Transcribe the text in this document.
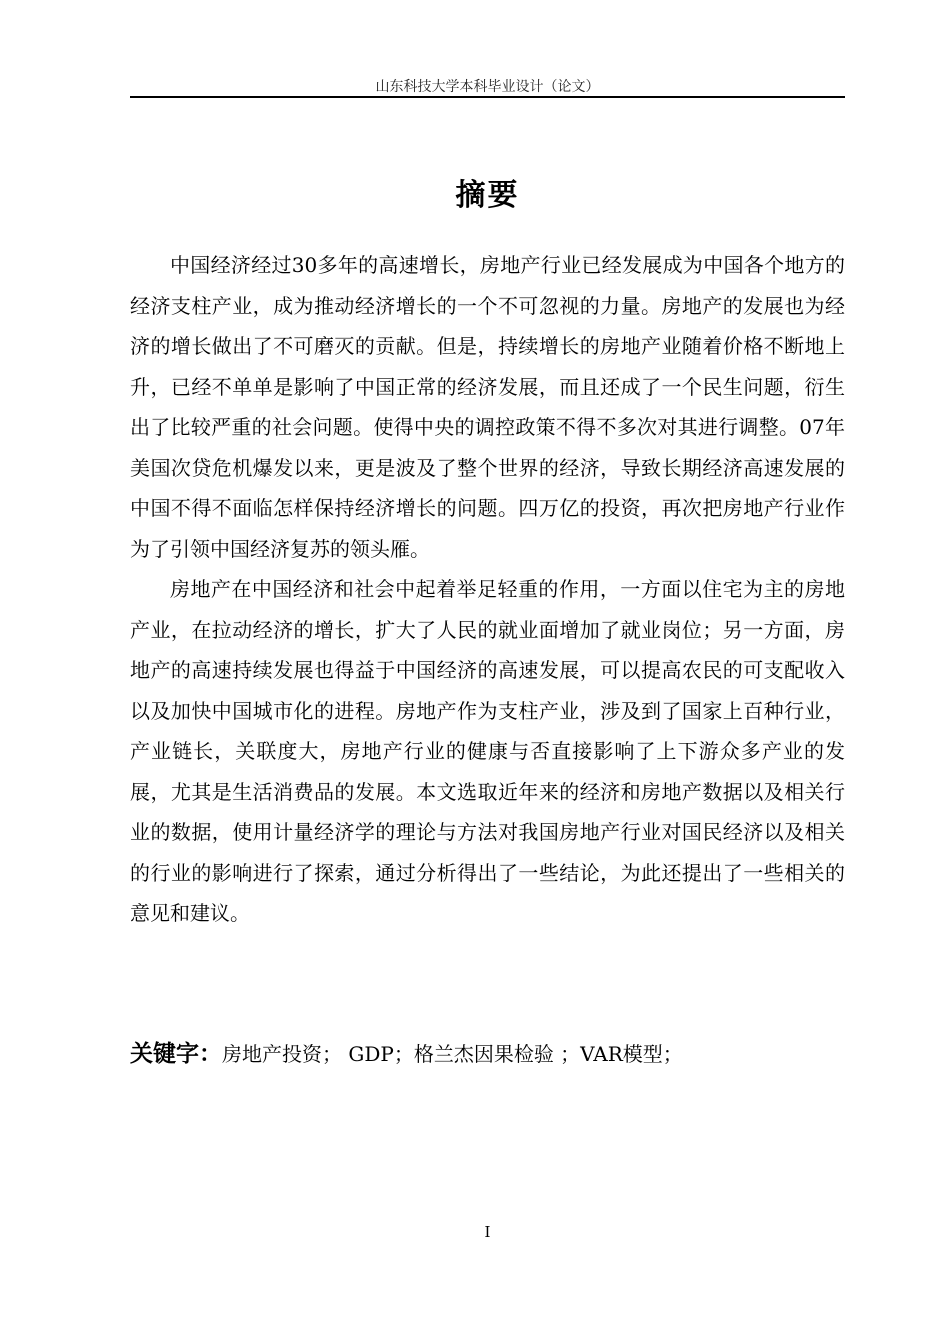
山东科技大学本科毕业设计（论文）
摘要

中国经济经过30多年的高速增长，房地产行业已经发展成为中国各个地方的经济支柱产业，成为推动经济增长的一个不可忽视的力量。房地产的发展也为经济的增长做出了不可磨灭的贡献。但是，持续增长的房地产业随着价格不断地上升，已经不单单是影响了中国正常的经济发展，而且还成了一个民生问题，衍生出了比较严重的社会问题。使得中央的调控政策不得不多次对其进行调整。07年美国次贷危机爆发以来，更是波及了整个世界的经济，导致长期经济高速发展的中国不得不面临怎样保持经济增长的问题。四万亿的投资，再次把房地产行业作为了引领中国经济复苏的领头雁。

房地产在中国经济和社会中起着举足轻重的作用，一方面以住宅为主的房地产业，在拉动经济的增长，扩大了人民的就业面增加了就业岗位；另一方面，房地产的高速持续发展也得益于中国经济的高速发展，可以提高农民的可支配收入以及加快中国城市化的进程。房地产作为支柱产业，涉及到了国家上百种行业，产业链长，关联度大，房地产行业的健康与否直接影响了上下游众多产业的发展，尤其是生活消费品的发展。本文选取近年来的经济和房地产数据以及相关行业的数据，使用计量经济学的理论与方法对我国房地产行业对国民经济以及相关的行业的影响进行了探索，通过分析得出了一些结论，为此还提出了一些相关的意见和建议。

关键字：房地产投资； GDP；格兰杰因果检验 ；VAR模型；
I
